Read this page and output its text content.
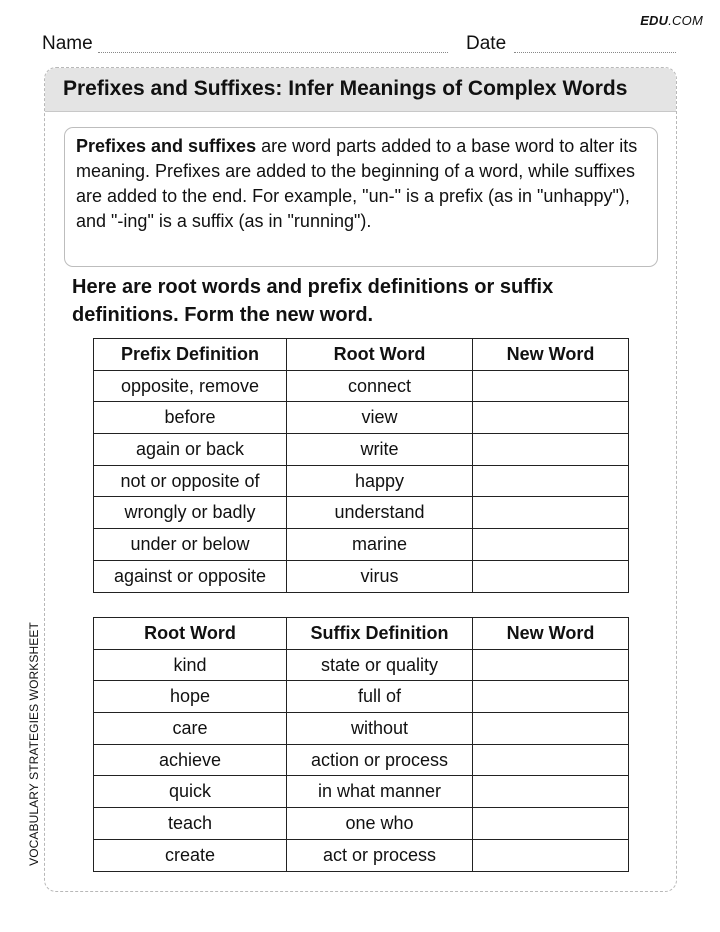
EDU.COM
Name	Date
VOCABULARY STRATEGIES WORKSHEET
Prefixes and Suffixes: Infer Meanings of Complex Words
Prefixes and suffixes are word parts added to a base word to alter its meaning. Prefixes are added to the beginning of a word, while suffixes are added to the end. For example, "un-" is a prefix (as in "unhappy"), and "-ing" is a suffix (as in "running").
Here are root words and prefix definitions or suffix definitions. Form the new word.
Prefix Definition	Root Word	New Word
opposite, remove	connect	
before	view	
again or back	write	
not or opposite of	happy	
wrongly or badly	understand	
under or below	marine	
against or opposite	virus	
Root Word	Suffix Definition	New Word
kind	state or quality	
hope	full of	
care	without	
achieve	action or process	
quick	in what manner	
teach	one who	
create	act or process	
